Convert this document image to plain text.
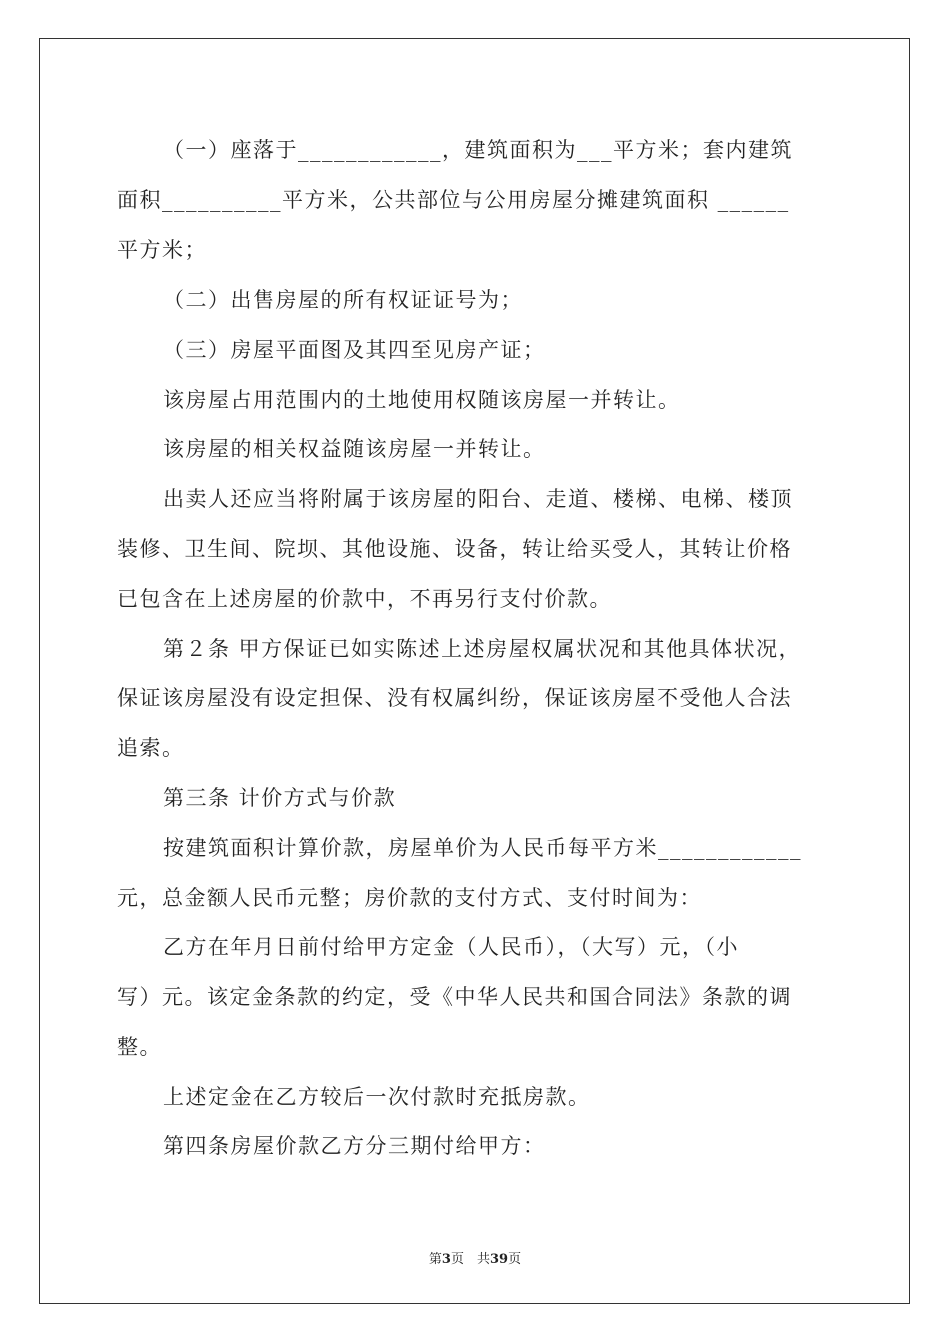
（一）座落于____________，建筑面积为___平方米；套内建筑

面积__________平方米，公共部位与公用房屋分摊建筑面积 ______

平方米；

（二）出售房屋的所有权证证号为；

（三）房屋平面图及其四至见房产证；

该房屋占用范围内的土地使用权随该房屋一并转让。

该房屋的相关权益随该房屋一并转让。

出卖人还应当将附属于该房屋的阳台、走道、楼梯、电梯、楼顶

装修、卫生间、院坝、其他设施、设备，转让给买受人，其转让价格

已包含在上述房屋的价款中，不再另行支付价款。

第２条 甲方保证已如实陈述上述房屋权属状况和其他具体状况，

保证该房屋没有设定担保、没有权属纠纷，保证该房屋不受他人合法

追索。

第三条 计价方式与价款

按建筑面积计算价款，房屋单价为人民币每平方米____________

元，总金额人民币元整；房价款的支付方式、支付时间为：

乙方在年月日前付给甲方定金（人民币），（大写）元，（小

写）元。该定金条款的约定，受《中华人民共和国合同法》条款的调

整。

上述定金在乙方较后一次付款时充抵房款。

第四条房屋价款乙方分三期付给甲方：

第3页　共39页
